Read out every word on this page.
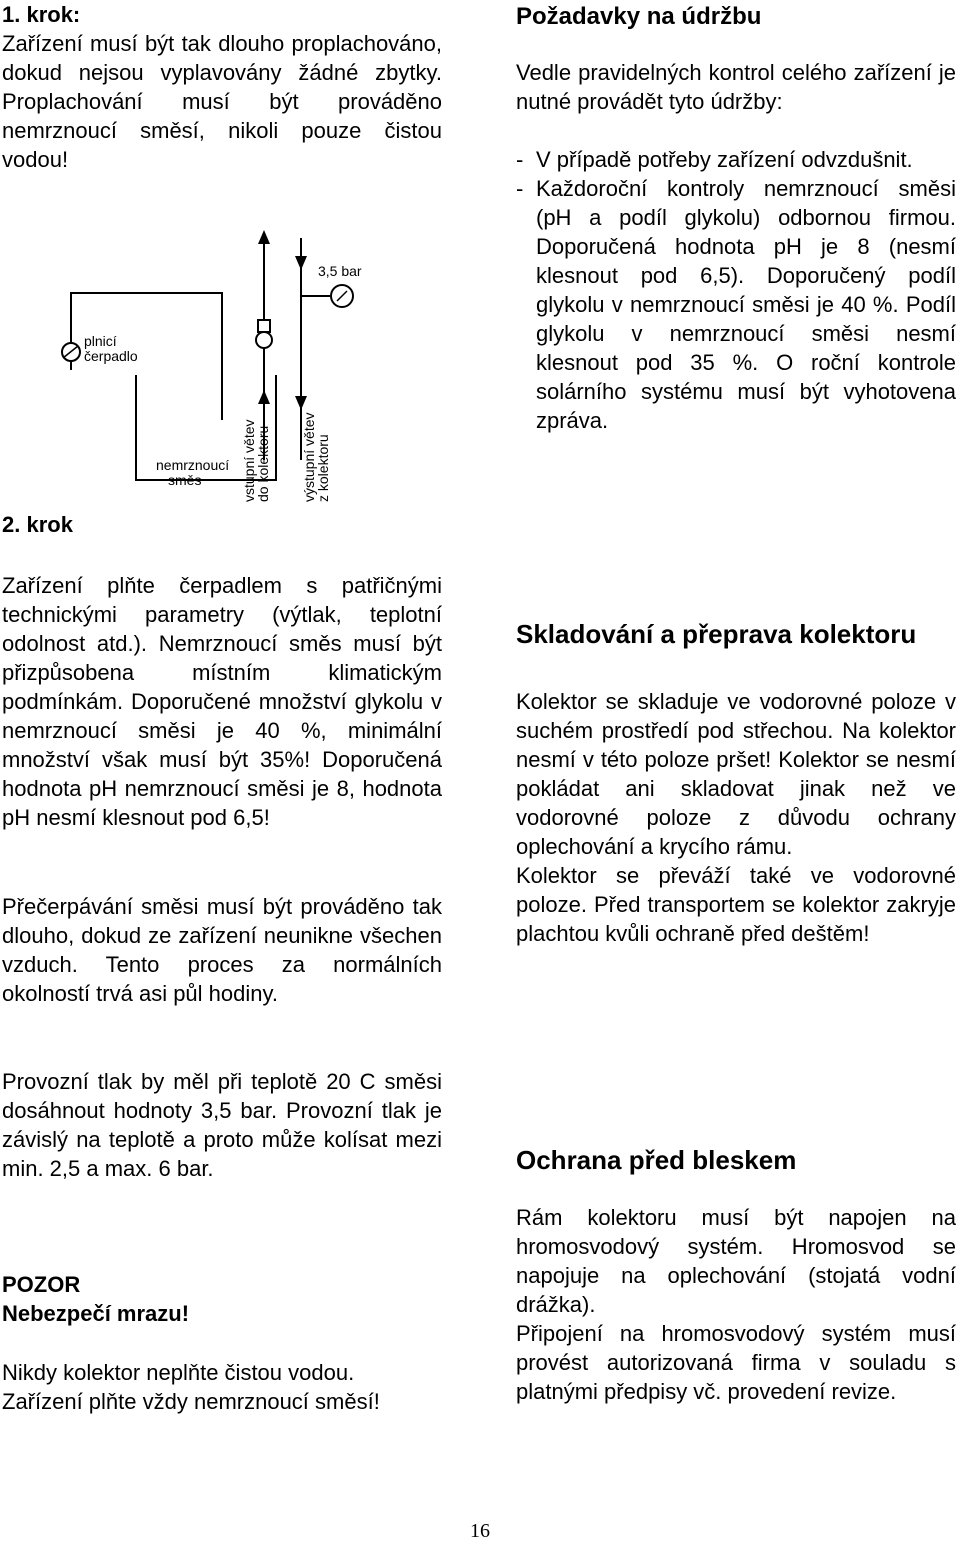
1. krok:

Zařízení musí být tak dlouho proplachováno, dokud nejsou vyplavovány žádné zbytky. Proplachování musí být prováděno nemrznoucí směsí, nikoli pouze čistou vodou!

2. krok

Zařízení plňte čerpadlem s patřičnými technickými parametry (výtlak, teplotní odolnost atd.). Nemrznoucí směs musí být přizpůsobena místním klimatickým podmínkám. Doporučené množství glykolu v nemrznoucí směsi je 40 %, minimální množství však musí být 35%! Doporučená hodnota pH nemrznoucí směsi je 8, hodnota pH nesmí klesnout pod 6,5!

Přečerpávání směsi musí být prováděno tak dlouho, dokud ze zařízení neunikne všechen vzduch. Tento proces za normálních okolností trvá asi půl hodiny.

Provozní tlak by měl při teplotě 20 C směsi dosáhnout hodnoty 3,5 bar. Provozní tlak je závislý na teplotě a proto může kolísat mezi min. 2,5 a max. 6 bar.

POZOR

Nebezpečí mrazu!

Nikdy kolektor neplňte čistou vodou.

Zařízení plňte vždy nemrznoucí směsí!

3,5 bar
plnicí
čerpadlo
nemrznoucí
směs	vstupní větev
do kolektoru výstupní větev
z kolektoru

Požadavky na údržbu

Vedle pravidelných kontrol celého zařízení je nutné provádět tyto údržby:

- V případě potřeby zařízení odvzdušnit.

- Každoroční kontroly nemrznoucí směsi (pH a podíl glykolu) odbornou firmou. Doporučená hodnota pH je 8 (nesmí klesnout pod 6,5). Doporučený podíl glykolu v nemrznoucí směsi je 40 %. Podíl glykolu v nemrznoucí směsi nesmí klesnout pod 35 %. O roční kontrole solárního systému musí být vyhotovena zpráva.

Skladování a přeprava kolektoru

Kolektor se skladuje ve vodorovné poloze v suchém prostředí pod střechou. Na kolektor nesmí v této poloze pršet! Kolektor se nesmí pokládat ani skladovat jinak než ve vodorovné poloze z důvodu ochrany oplechování a krycího rámu.

Kolektor se převáží také ve vodorovné poloze. Před transportem se kolektor zakryje plachtou kvůli ochraně před deštěm!

Ochrana před bleskem

Rám kolektoru musí být napojen na hromosvodový systém. Hromosvod se napojuje na oplechování (stojatá vodní drážka).

Připojení na hromosvodový systém musí provést autorizovaná firma v souladu s platnými předpisy vč. provedení revize.

16
